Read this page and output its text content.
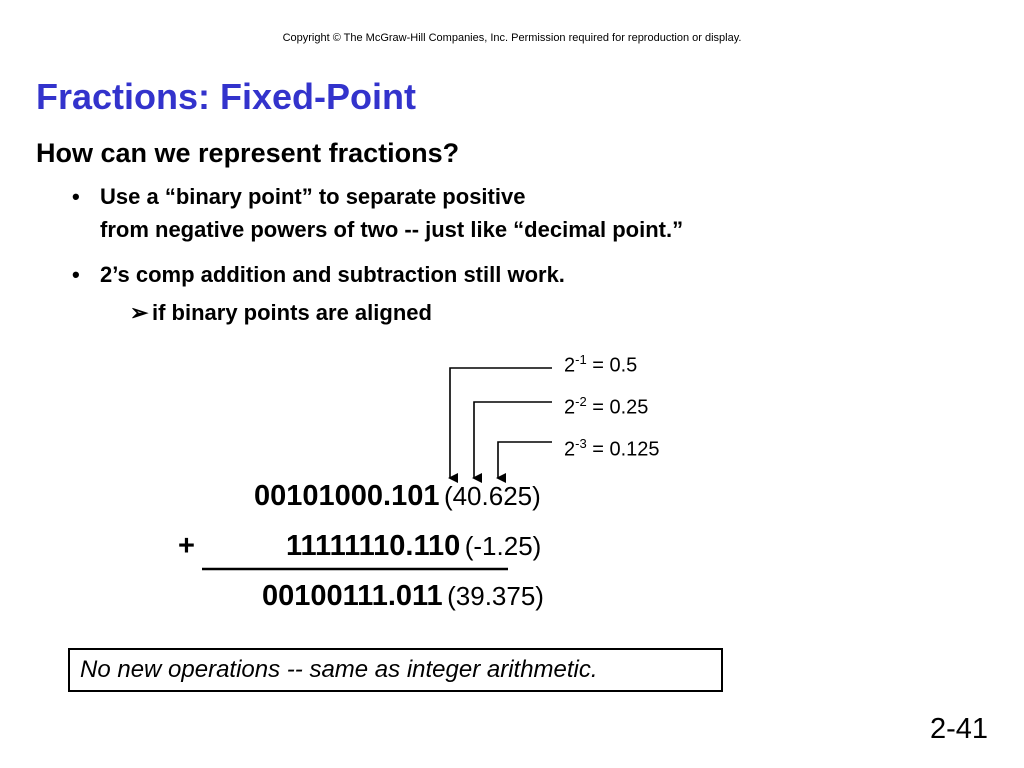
Copyright © The McGraw-Hill Companies, Inc. Permission required for reproduction or display.
Fractions: Fixed-Point
How can we represent fractions?
• Use a “binary point” to separate positive
from negative powers of two -- just like “decimal point.”
• 2’s comp addition and subtraction still work.
➢ if binary points are aligned
$2^{-1} = 0.5$
$2^{-2} = 0.25$
$2^{-3} = 0.125$
00101000.101 (40.625)
+	11111110.110 (-1.25)
00100111.011 (39.375)
No new operations -- same as integer arithmetic.
2-41
